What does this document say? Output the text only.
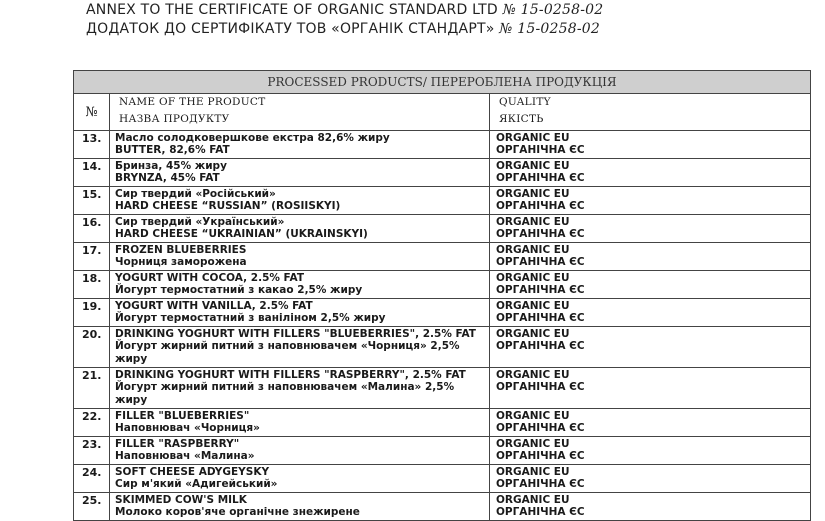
ANNEX TO THE CERTIFICATE OF ORGANIC STANDARD LTD № 15-0258-02
ДОДАТОК ДО СЕРТИФІКАТУ ТОВ «ОРГАНІК СТАНДАРТ» № 15-0258-02
PROCESSED PRODUCTS/ ПЕРЕРОБЛЕНА ПРОДУКЦІЯ		
№	NAME OF THE PRODUCT
НАЗВА ПРОДУКТУ	QUALITY
ЯКІСТЬ

13.	Масло солодковершкове екстра 82,6% жиру
BUTTER, 82,6% FAT	ORGANIC EU
ОРГАНІЧНА ЄС

14.	Бринза, 45% жиру
BRYNZA, 45% FAT	ORGANIC EU
ОРГАНІЧНА ЄС

15.	Сир твердий «Російський»
HARD CHEESE “RUSSIAN” (ROSIISKYI)	ORGANIC EU
ОРГАНІЧНА ЄС

16.	Сир твердий «Український»
HARD CHEESE “UKRAINIAN” (UKRAINSKYI)	ORGANIC EU
ОРГАНІЧНА ЄС

17.	FROZEN BLUEBERRIES
Чорниця заморожена	ORGANIC EU
ОРГАНІЧНА ЄС

18.	YOGURT WITH COCOA, 2.5% FAT
Йогурт термостатний з какао 2,5% жиру	ORGANIC EU
ОРГАНІЧНА ЄС

19.	YOGURT WITH VANILLA, 2.5% FAT
Йогурт термостатний з ваніліном 2,5% жиру	ORGANIC EU
ОРГАНІЧНА ЄС

20.	DRINKING YOGHURT WITH FILLERS "BLUEBERRIES", 2.5% FAT
Йогурт жирний питний з наповнювачем «Чорниця» 2,5%
жиру	ORGANIC EU
ОРГАНІЧНА ЄС

21.	DRINKING YOGHURT WITH FILLERS "RASPBERRY", 2.5% FAT
Йогурт жирний питний з наповнювачем «Малина» 2,5%
жиру	ORGANIC EU
ОРГАНІЧНА ЄС

22.	FILLER "BLUEBERRIES"
Наповнювач «Чорниця»	ORGANIC EU
ОРГАНІЧНА ЄС

23.	FILLER "RASPBERRY"
Наповнювач «Малина»	ORGANIC EU
ОРГАНІЧНА ЄС

24.	SOFT CHEESE ADYGEYSKY
Сир м'який «Адигейський»	ORGANIC EU
ОРГАНІЧНА ЄС

25.	SKIMMED COW'S MILK
Молоко коров'яче органічне знежирене	ORGANIC EU
ОРГАНІЧНА ЄС
